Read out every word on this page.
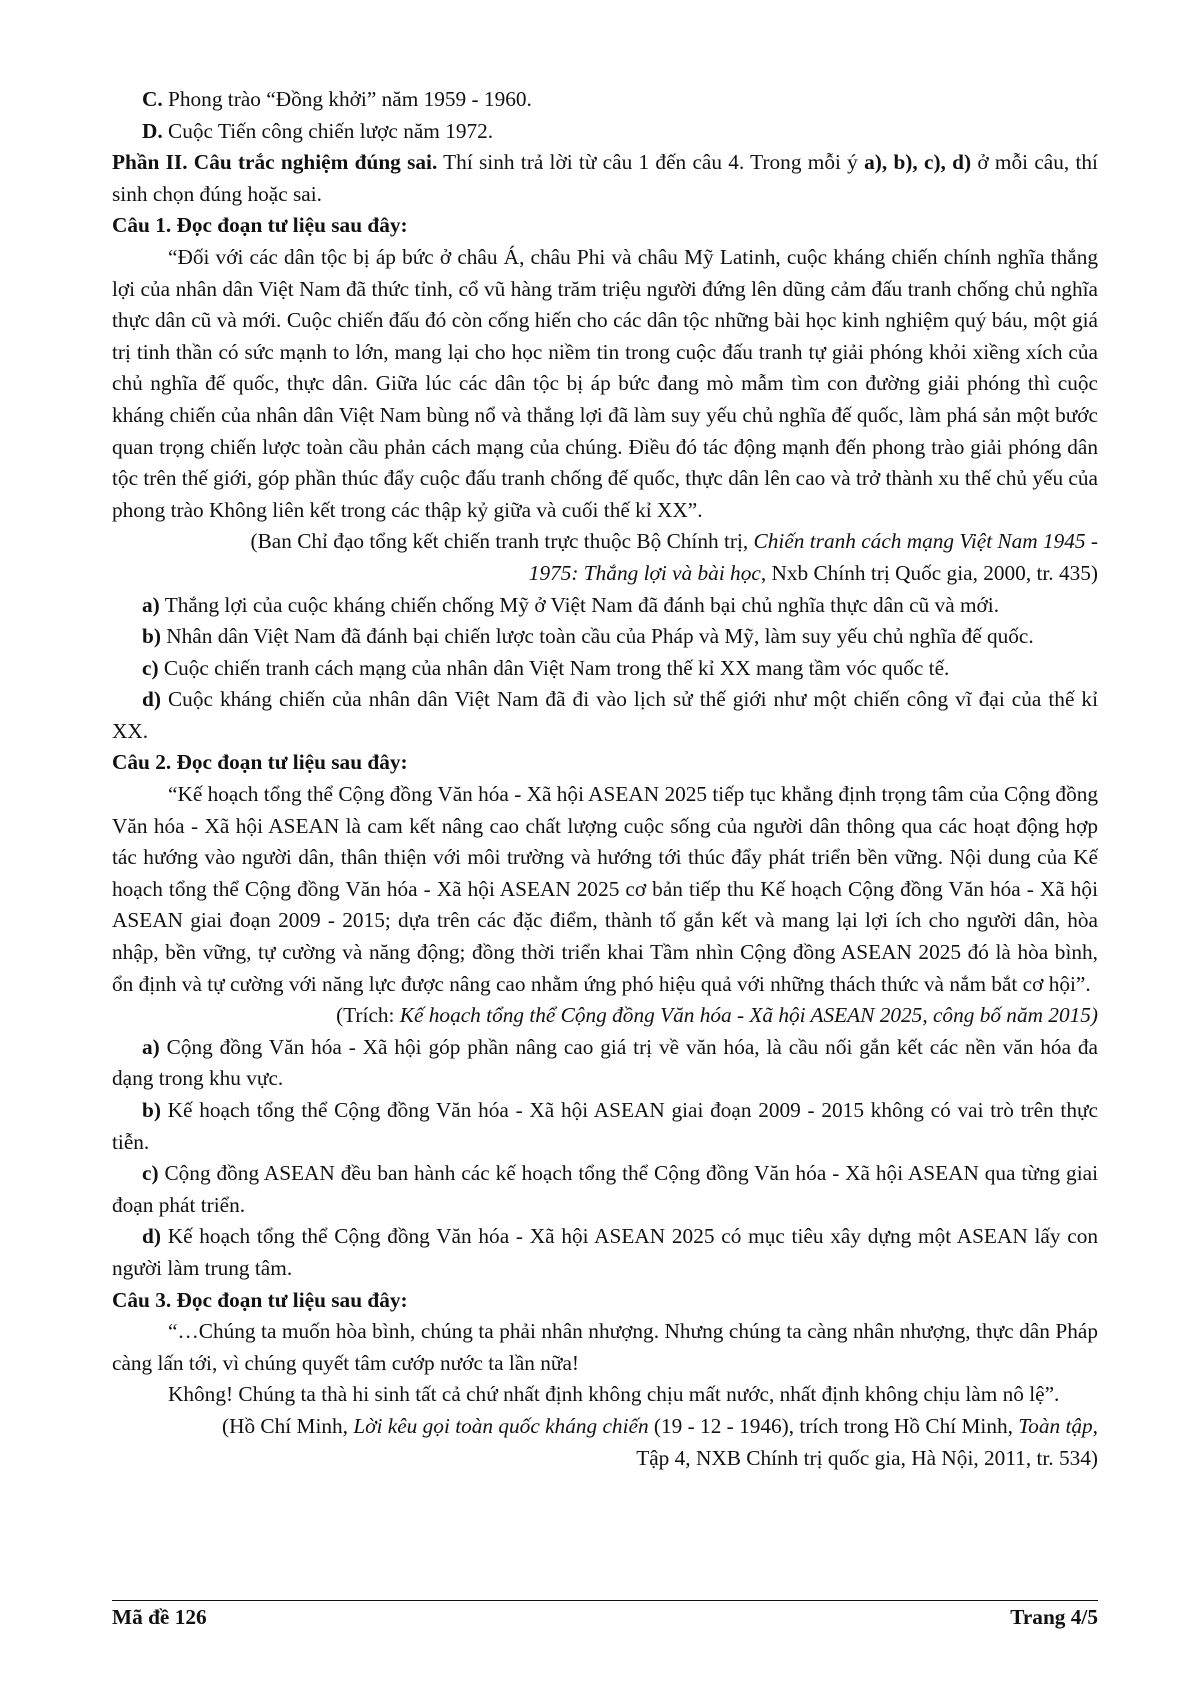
C. Phong trào “Đồng khởi” năm 1959 - 1960.

D. Cuộc Tiến công chiến lược năm 1972.

Phần II. Câu trắc nghiệm đúng sai. Thí sinh trả lời từ câu 1 đến câu 4. Trong mỗi ý a), b), c), d) ở mỗi câu, thí sinh chọn đúng hoặc sai.

Câu 1. Đọc đoạn tư liệu sau đây:

“Đối với các dân tộc bị áp bức ở châu Á, châu Phi và châu Mỹ Latinh, cuộc kháng chiến chính nghĩa thắng lợi của nhân dân Việt Nam đã thức tỉnh, cổ vũ hàng trăm triệu người đứng lên dũng cảm đấu tranh chống chủ nghĩa thực dân cũ và mới. Cuộc chiến đấu đó còn cống hiến cho các dân tộc những bài học kinh nghiệm quý báu, một giá trị tinh thần có sức mạnh to lớn, mang lại cho học niềm tin trong cuộc đấu tranh tự giải phóng khỏi xiềng xích của chủ nghĩa đế quốc, thực dân. Giữa lúc các dân tộc bị áp bức đang mò mẫm tìm con đường giải phóng thì cuộc kháng chiến của nhân dân Việt Nam bùng nổ và thắng lợi đã làm suy yếu chủ nghĩa đế quốc, làm phá sản một bước quan trọng chiến lược toàn cầu phản cách mạng của chúng. Điều đó tác động mạnh đến phong trào giải phóng dân tộc trên thế giới, góp phần thúc đẩy cuộc đấu tranh chống đế quốc, thực dân lên cao và trở thành xu thế chủ yếu của phong trào Không liên kết trong các thập kỷ giữa và cuối thế kỉ XX”.

(Ban Chỉ đạo tổng kết chiến tranh trực thuộc Bộ Chính trị, Chiến tranh cách mạng Việt Nam 1945 -
1975: Thắng lợi và bài học, Nxb Chính trị Quốc gia, 2000, tr. 435)

a) Thắng lợi của cuộc kháng chiến chống Mỹ ở Việt Nam đã đánh bại chủ nghĩa thực dân cũ và mới.

b) Nhân dân Việt Nam đã đánh bại chiến lược toàn cầu của Pháp và Mỹ, làm suy yếu chủ nghĩa đế quốc.

c) Cuộc chiến tranh cách mạng của nhân dân Việt Nam trong thế kỉ XX mang tầm vóc quốc tế.

d) Cuộc kháng chiến của nhân dân Việt Nam đã đi vào lịch sử thế giới như một chiến công vĩ đại của thế kỉ XX.

Câu 2. Đọc đoạn tư liệu sau đây:

“Kế hoạch tổng thể Cộng đồng Văn hóa - Xã hội ASEAN 2025 tiếp tục khẳng định trọng tâm của Cộng đồng Văn hóa - Xã hội ASEAN là cam kết nâng cao chất lượng cuộc sống của người dân thông qua các hoạt động hợp tác hướng vào người dân, thân thiện với môi trường và hướng tới thúc đẩy phát triển bền vững. Nội dung của Kế hoạch tổng thể Cộng đồng Văn hóa - Xã hội ASEAN 2025 cơ bản tiếp thu Kế hoạch Cộng đồng Văn hóa - Xã hội ASEAN giai đoạn 2009 - 2015; dựa trên các đặc điểm, thành tố gắn kết và mang lại lợi ích cho người dân, hòa nhập, bền vững, tự cường và năng động; đồng thời triển khai Tầm nhìn Cộng đồng ASEAN 2025 đó là hòa bình, ổn định và tự cường với năng lực được nâng cao nhằm ứng phó hiệu quả với những thách thức và nắm bắt cơ hội”.

(Trích: Kế hoạch tổng thể Cộng đồng Văn hóa - Xã hội ASEAN 2025, công bố năm 2015)

a) Cộng đồng Văn hóa - Xã hội góp phần nâng cao giá trị về văn hóa, là cầu nối gắn kết các nền văn hóa đa dạng trong khu vực.

b) Kế hoạch tổng thể Cộng đồng Văn hóa - Xã hội ASEAN giai đoạn 2009 - 2015 không có vai trò trên thực tiễn.

c) Cộng đồng ASEAN đều ban hành các kế hoạch tổng thể Cộng đồng Văn hóa - Xã hội ASEAN qua từng giai đoạn phát triển.

d) Kế hoạch tổng thể Cộng đồng Văn hóa - Xã hội ASEAN 2025 có mục tiêu xây dựng một ASEAN lấy con người làm trung tâm.

Câu 3. Đọc đoạn tư liệu sau đây:

“…Chúng ta muốn hòa bình, chúng ta phải nhân nhượng. Nhưng chúng ta càng nhân nhượng, thực dân Pháp càng lấn tới, vì chúng quyết tâm cướp nước ta lần nữa!

Không! Chúng ta thà hi sinh tất cả chứ nhất định không chịu mất nước, nhất định không chịu làm nô lệ”.

(Hồ Chí Minh, Lời kêu gọi toàn quốc kháng chiến (19 - 12 - 1946), trích trong Hồ Chí Minh, Toàn tập,
Tập 4, NXB Chính trị quốc gia, Hà Nội, 2011, tr. 534)

Mã đề 126	Trang 4/5
